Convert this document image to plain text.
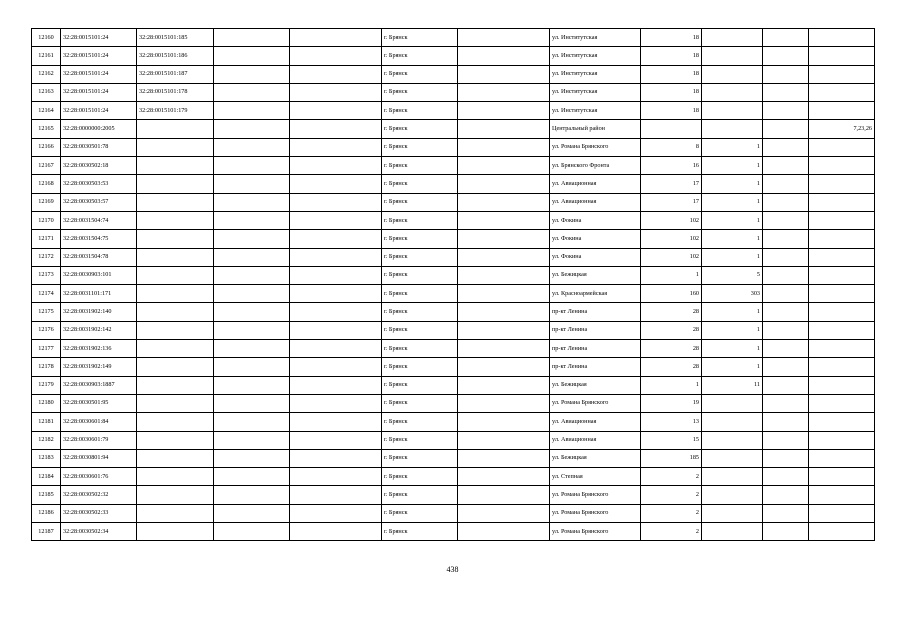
12160	32:28:0015101:24	32:28:0015101:185			г. Брянск		ул. Институтская	18			
12161	32:28:0015101:24	32:28:0015101:186			г. Брянск		ул. Институтская	18			
12162	32:28:0015101:24	32:28:0015101:187			г. Брянск		ул. Институтская	18			
12163	32:28:0015101:24	32:28:0015101:178			г. Брянск		ул. Институтская	18			
12164	32:28:0015101:24	32:28:0015101:179			г. Брянск		ул. Институтская	18			
12165	32:28:0000000:2005				г. Брянск		Центральный район				7,23,26
12166	32:28:0030501:78				г. Брянск		ул. Романа Брянского	8	1		
12167	32:28:0030502:18				г. Брянск		ул. Брянского Фронта	16	1		
12168	32:28:0030503:53				г. Брянск		ул. Авиационная	17	1		
12169	32:28:0030503:57				г. Брянск		ул. Авиационная	17	1		
12170	32:28:0031504:74				г. Брянск		ул. Фокина	102	1		
12171	32:28:0031504:75				г. Брянск		ул. Фокина	102	1		
12172	32:28:0031504:78				г. Брянск		ул. Фокина	102	1		
12173	32:28:0030903:101				г. Брянск		ул. Бежицкая	1	5		
12174	32:28:0031101:171				г. Брянск		ул. Красноармейская	160	303		
12175	32:28:0031902:140				г. Брянск		пр-кт Ленина	28	1		
12176	32:28:0031902:142				г. Брянск		пр-кт Ленина	28	1		
12177	32:28:0031902:136				г. Брянск		пр-кт Ленина	28	1		
12178	32:28:0031902:149				г. Брянск		пр-кт Ленина	28	1		
12179	32:28:0030903:1887				г. Брянск		ул. Бежицкая	1	11		
12180	32:28:0030501:95				г. Брянск		ул. Романа Брянского	19			
12181	32:28:0030601:84				г. Брянск		ул. Авиационная	13			
12182	32:28:0030601:79				г. Брянск		ул. Авиационная	15			
12183	32:28:0030801:94				г. Брянск		ул. Бежицкая	185			
12184	32:28:0030601:76				г. Брянск		ул. Степная	2			
12185	32:28:0030502:32				г. Брянск		ул. Романа Брянского	2			
12186	32:28:0030502:33				г. Брянск		ул. Романа Брянского	2			
12187	32:28:0030502:34				г. Брянск		ул. Романа Брянского	2			
438
